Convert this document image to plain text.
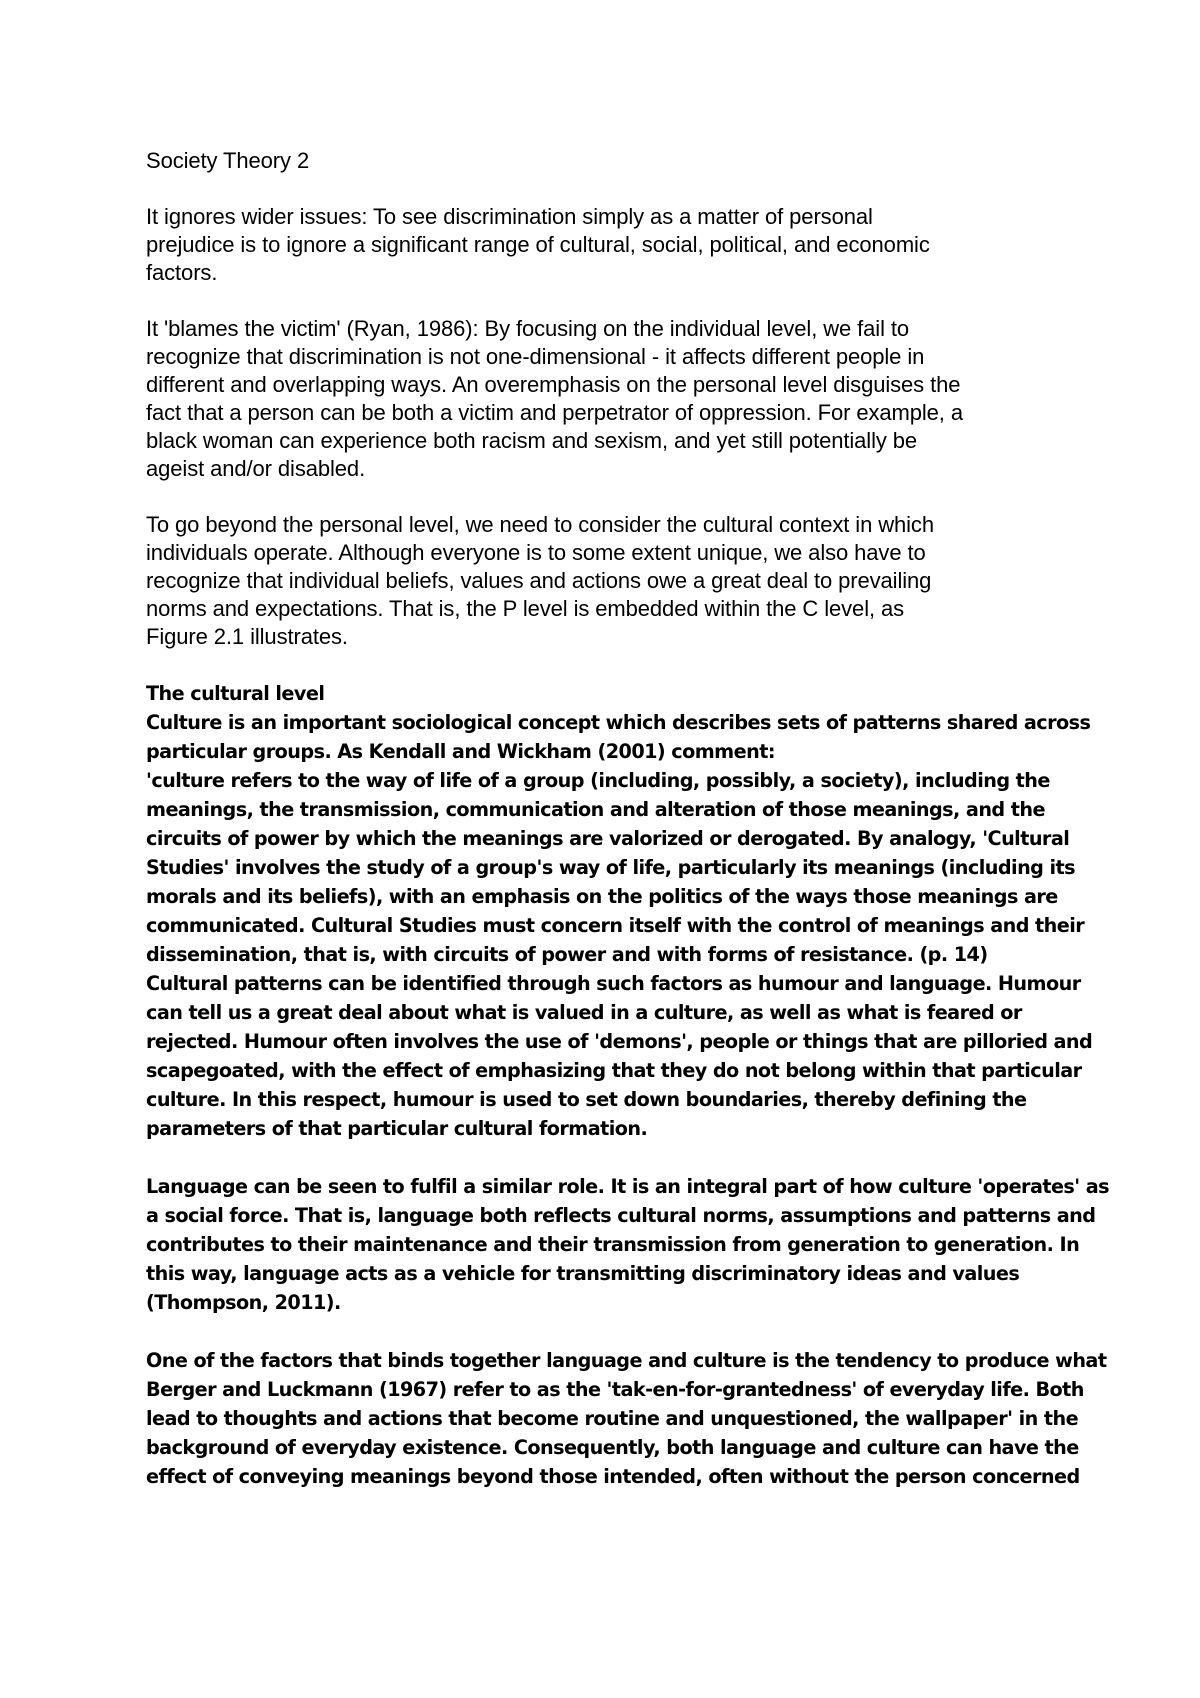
Society Theory 2

It ignores wider issues: To see discrimination simply as a matter of personal
prejudice is to ignore a significant range of cultural, social, political, and economic
factors.

It 'blames the victim' (Ryan, 1986): By focusing on the individual level, we fail to
recognize that discrimination is not one-dimensional - it affects different people in
different and overlapping ways. An overemphasis on the personal level disguises the
fact that a person can be both a victim and perpetrator of oppression. For example, a
black woman can experience both racism and sexism, and yet still potentially be
ageist and/or disabled.

To go beyond the personal level, we need to consider the cultural context in which
individuals operate. Although everyone is to some extent unique, we also have to
recognize that individual beliefs, values and actions owe a great deal to prevailing
norms and expectations. That is, the P level is embedded within the C level, as
Figure 2.1 illustrates.

The cultural level
Culture is an important sociological concept which describes sets of patterns shared across
particular groups. As Kendall and Wickham (2001) comment:
'culture refers to the way of life of a group (including, possibly, a society), including the
meanings, the transmission, communication and alteration of those meanings, and the
circuits of power by which the meanings are valorized or derogated. By analogy, 'Cultural
Studies' involves the study of a group's way of life, particularly its meanings (including its
morals and its beliefs), with an emphasis on the politics of the ways those meanings are
communicated. Cultural Studies must concern itself with the control of meanings and their
dissemination, that is, with circuits of power and with forms of resistance. (p. 14)
Cultural patterns can be identified through such factors as humour and language. Humour
can tell us a great deal about what is valued in a culture, as well as what is feared or
rejected. Humour often involves the use of 'demons', people or things that are pilloried and
scapegoated, with the effect of emphasizing that they do not belong within that particular
culture. In this respect, humour is used to set down boundaries, thereby defining the
parameters of that particular cultural formation.
Language can be seen to fulfil a similar role. It is an integral part of how culture 'operates' as
a social force. That is, language both reflects cultural norms, assumptions and patterns and
contributes to their maintenance and their transmission from generation to generation. In
this way, language acts as a vehicle for transmitting discriminatory ideas and values
(Thompson, 2011).
One of the factors that binds together language and culture is the tendency to produce what
Berger and Luckmann (1967) refer to as the 'tak-en-for-grantedness' of everyday life. Both
lead to thoughts and actions that become routine and unquestioned, the wallpaper' in the
background of everyday existence. Consequently, both language and culture can have the
effect of conveying meanings beyond those intended, often without the person concerned
